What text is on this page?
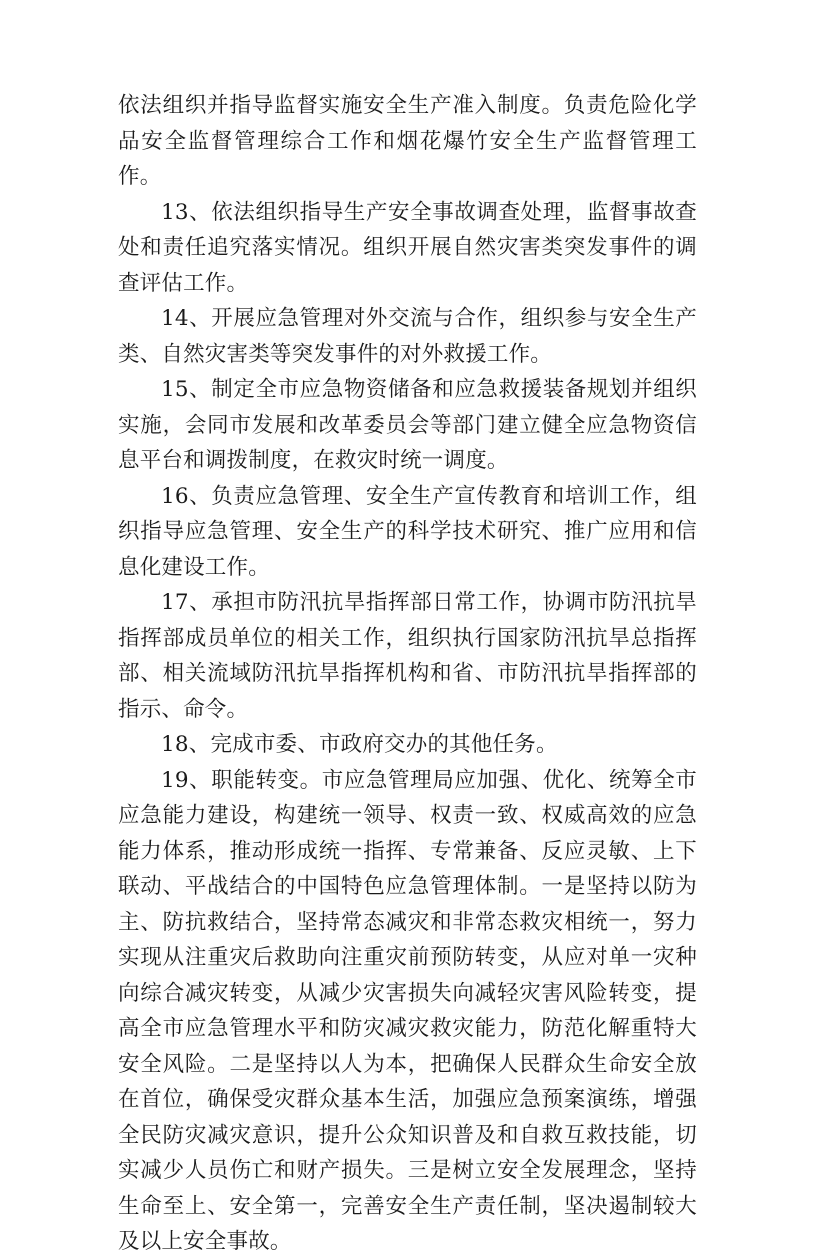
依法组织并指导监督实施安全生产准入制度。负责危险化学品安全监督管理综合工作和烟花爆竹安全生产监督管理工作。

13、依法组织指导生产安全事故调查处理，监督事故查处和责任追究落实情况。组织开展自然灾害类突发事件的调查评估工作。

14、开展应急管理对外交流与合作，组织参与安全生产类、自然灾害类等突发事件的对外救援工作。

15、制定全市应急物资储备和应急救援装备规划并组织实施，会同市发展和改革委员会等部门建立健全应急物资信息平台和调拨制度，在救灾时统一调度。

16、负责应急管理、安全生产宣传教育和培训工作，组织指导应急管理、安全生产的科学技术研究、推广应用和信息化建设工作。

17、承担市防汛抗旱指挥部日常工作，协调市防汛抗旱指挥部成员单位的相关工作，组织执行国家防汛抗旱总指挥部、相关流域防汛抗旱指挥机构和省、市防汛抗旱指挥部的指示、命令。

18、完成市委、市政府交办的其他任务。

19、职能转变。市应急管理局应加强、优化、统筹全市应急能力建设，构建统一领导、权责一致、权威高效的应急能力体系，推动形成统一指挥、专常兼备、反应灵敏、上下联动、平战结合的中国特色应急管理体制。一是坚持以防为主、防抗救结合，坚持常态减灾和非常态救灾相统一，努力实现从注重灾后救助向注重灾前预防转变，从应对单一灾种向综合减灾转变，从减少灾害损失向减轻灾害风险转变，提高全市应急管理水平和防灾减灾救灾能力，防范化解重特大安全风险。二是坚持以人为本，把确保人民群众生命安全放在首位，确保受灾群众基本生活，加强应急预案演练，增强全民防灾减灾意识，提升公众知识普及和自救互救技能，切实减少人员伤亡和财产损失。三是树立安全发展理念，坚持生命至上、安全第一，完善安全生产责任制，坚决遏制较大及以上安全事故。
